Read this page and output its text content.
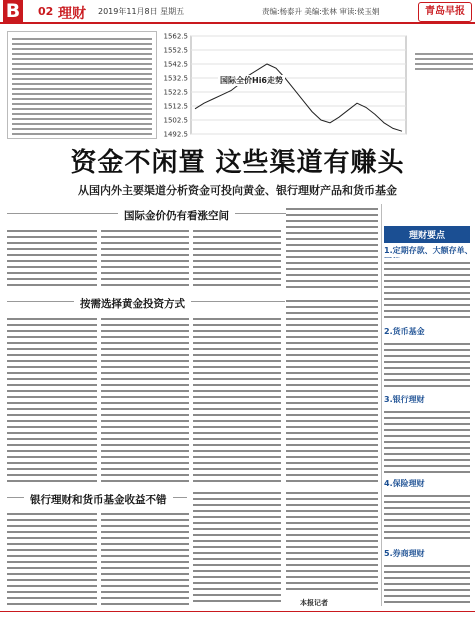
B 02 理财 2019年11月8日 星期五	责编:杨泰升 美编:张林 审读:侯玉娟	青岛早报
1562.5
1552.5
1542.5
1532.5
1522.5
1512.5
1502.5
1492.5
国际全价Hi6走势
资金不闲置 这些渠道有赚头
从国内外主要渠道分析资金可投向黄金、银行理财产品和货币基金
国际金价仍有看涨空间
按需选择黄金投资方式
银行理财和货币基金收益不错
本报记者
理财要点
1.定期存款、大额存单、
2.货币基金
3.银行理财
4.保险理财
5.券商理财
